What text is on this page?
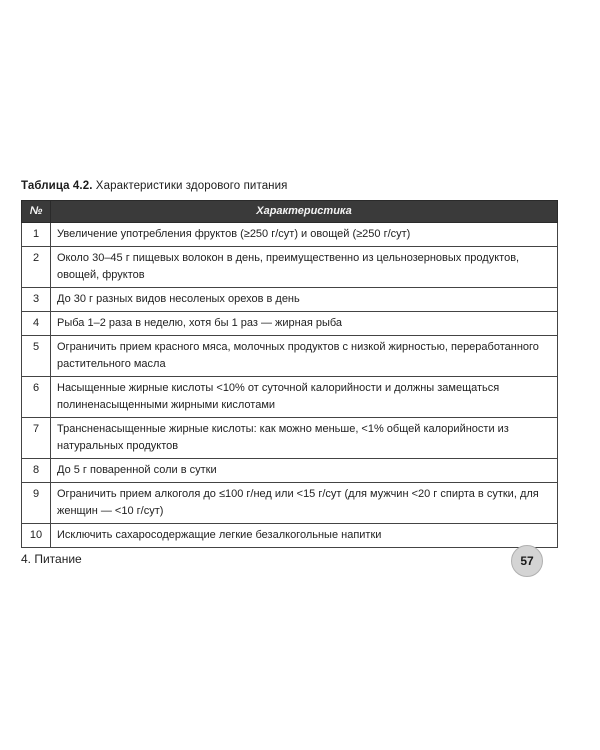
Таблица 4.2. Характеристики здорового питания
№	Характеристика
1	Увеличение употребления фруктов (≥250 г/сут) и овощей (≥250 г/сут)
2	Около 30–45 г пищевых волокон в день, преимущественно из цельнозерновых продуктов, овощей, фруктов
3	До 30 г разных видов несоленых орехов в день
4	Рыба 1–2 раза в неделю, хотя бы 1 раз — жирная рыба
5	Ограничить прием красного мяса, молочных продуктов с низкой жирностью, переработанного растительного масла
6	Насыщенные жирные кислоты <10% от суточной калорийности и должны замещаться полиненасыщенными жирными кислотами
7	Трансненасыщенные жирные кислоты: как можно меньше, <1% общей калорийности из натуральных продуктов
8	До 5 г поваренной соли в сутки
9	Ограничить прием алкоголя до ≤100 г/нед или <15 г/сут (для мужчин <20 г спирта в сутки, для женщин — <10 г/сут)
10	Исключить сахаросодержащие легкие безалкогольные напитки
4. Питание	57
